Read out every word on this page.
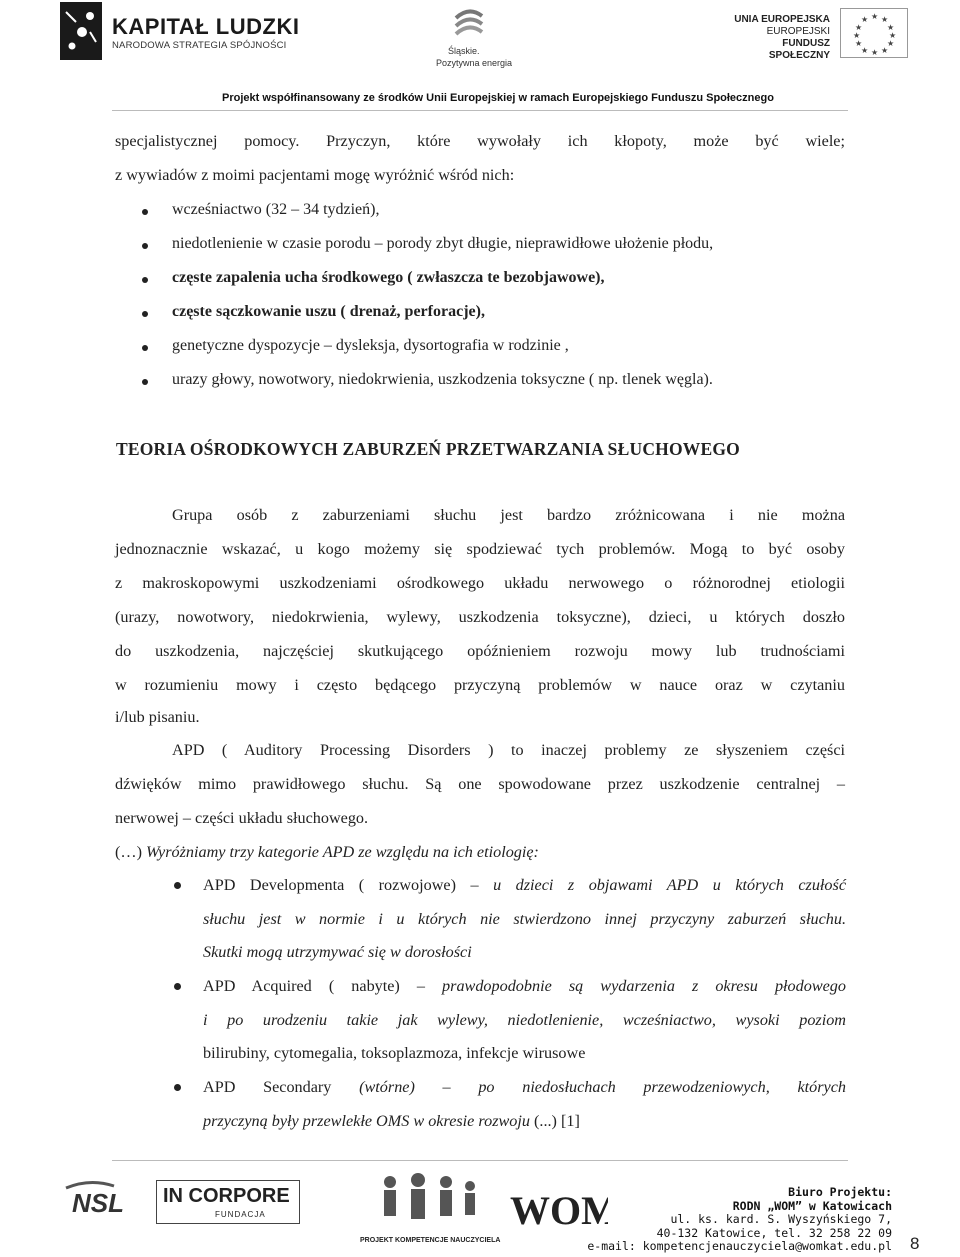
KAPITAŁ LUDZKI
NARODOWA STRATEGIA SPÓJNOŚCI	Śląskie.
Pozytywna energia
UNIA EUROPEJSKA
EUROPEJSKI
FUNDUSZ SPOŁECZNY
★ ★
★
★
★
★
★
★
★
★
★
★
Projekt współfinansowany ze środków Unii Europejskiej w ramach Europejskiego Funduszu Społecznego
specjalistycznej pomocy. Przyczyn, które wywołały ich kłopoty, może być wiele;
z wywiadów z moimi pacjentami mogę wyróżnić wśród nich:
wcześniactwo (32 – 34 tydzień),
niedotlenienie w czasie porodu – porody zbyt długie, nieprawidłowe ułożenie płodu,
częste zapalenia ucha środkowego ( zwłaszcza te bezobjawowe),
częste sączkowanie uszu ( drenaż, perforacje),
genetyczne dyspozycje – dysleksja, dysortografia w rodzinie ,
urazy głowy, nowotwory, niedokrwienia, uszkodzenia toksyczne ( np. tlenek węgla).
TEORIA OŚRODKOWYCH ZABURZEŃ PRZETWARZANIA SŁUCHOWEGO
Grupa osób z zaburzeniami słuchu jest bardzo zróżnicowana i nie można
jednoznacznie wskazać, u kogo możemy się spodziewać tych problemów. Mogą to być osoby
z makroskopowymi uszkodzeniami ośrodkowego układu nerwowego o różnorodnej etiologii
(urazy, nowotwory, niedokrwienia, wylewy, uszkodzenia toksyczne), dzieci, u których doszło
do uszkodzenia, najczęściej skutkującego opóźnieniem rozwoju mowy lub trudnościami
w rozumieniu mowy i często będącego przyczyną problemów w nauce oraz w czytaniu
i/lub pisaniu.
APD ( Auditory Processing Disorders ) to inaczej problemy ze słyszeniem części
dźwięków mimo prawidłowego słuchu. Są one spowodowane przez uszkodzenie centralnej –
nerwowej – części układu słuchowego.
(…) Wyróżniamy trzy kategorie APD ze względu na ich etiologię:
APD Developmenta ( rozwojowe) – u dzieci z objawami APD u których czułość
słuchu jest w normie i u których nie stwierdzono innej przyczyny zaburzeń słuchu.
Skutki mogą utrzymywać się w dorosłości
APD Acquired ( nabyte) – prawdopodobnie są wydarzenia z okresu płodowego
i po urodzeniu takie jak wylewy, niedotlenienie, wcześniactwo, wysoki poziom
bilirubiny, cytomegalia, toksoplazmoza, infekcje wirusowe
APD Secondary (wtórne) – po niedosłuchach przewodzeniowych, których
przyczyną były przewlekłe OMS w okresie rozwoju (...) [1]
NSL IN CORPORE
FUNDACJA
PROJEKT KOMPETENCJE NAUCZYCIELA
WOM	Biuro Projektu:
RODN „WOM” w Katowicach
ul. ks. kard. S. Wyszyńskiego 7,
40-132 Katowice, tel. 32 258 22 09
e-mail: kompetencjenauczyciela@womkat.edu.pl 8
